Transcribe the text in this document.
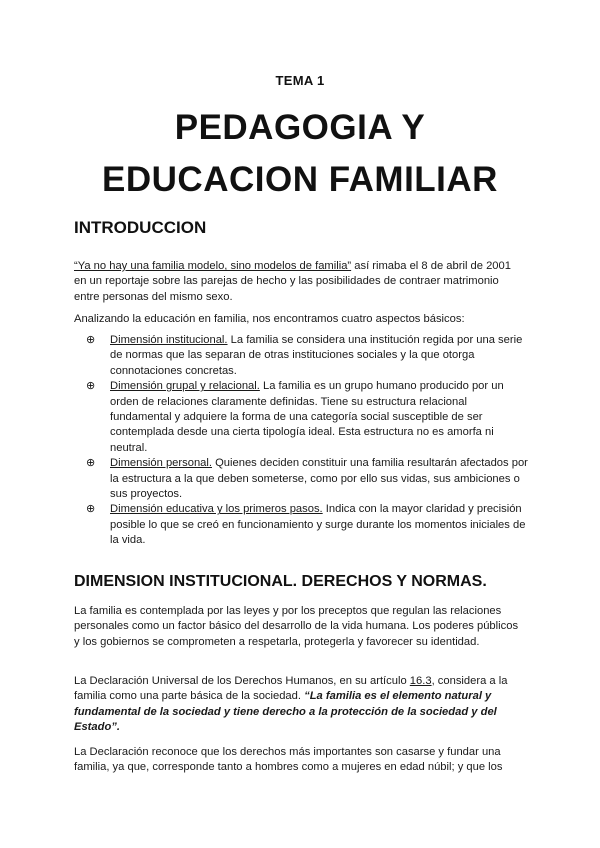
TEMA 1
PEDAGOGIA Y
EDUCACION FAMILIAR
INTRODUCCION
“Ya no hay una familia modelo, sino modelos de familia” así rimaba el 8 de abril de 2001 en un reportaje sobre las parejas de hecho y las posibilidades de contraer matrimonio entre personas del mismo sexo.
Analizando la educación en familia, nos encontramos cuatro aspectos básicos:
⊕ Dimensión institucional. La familia se considera una institución regida por una serie de normas que las separan de otras instituciones sociales y la que otorga connotaciones concretas.
⊕ Dimensión grupal y relacional. La familia es un grupo humano producido por un orden de relaciones claramente definidas. Tiene su estructura relacional fundamental y adquiere la forma de una categoría social susceptible de ser contemplada desde una cierta tipología ideal. Esta estructura no es amorfa ni neutral.
⊕ Dimensión personal. Quienes deciden constituir una familia resultarán afectados por la estructura a la que deben someterse, como por ello sus vidas, sus ambiciones o sus proyectos.
⊕ Dimensión educativa y los primeros pasos. Indica con la mayor claridad y precisión posible lo que se creó en funcionamiento y surge durante los momentos iniciales de la vida.
DIMENSION INSTITUCIONAL. DERECHOS Y NORMAS.
La familia es contemplada por las leyes y por los preceptos que regulan las relaciones personales como un factor básico del desarrollo de la vida humana. Los poderes públicos y los gobiernos se comprometen a respetarla, protegerla y favorecer su identidad.
La Declaración Universal de los Derechos Humanos, en su artículo 16.3, considera a la familia como una parte básica de la sociedad. “La familia es el elemento natural y fundamental de la sociedad y tiene derecho a la protección de la sociedad y del Estado”.
La Declaración reconoce que los derechos más importantes son casarse y fundar una familia, ya que, corresponde tanto a hombres como a mujeres en edad núbil; y que los
